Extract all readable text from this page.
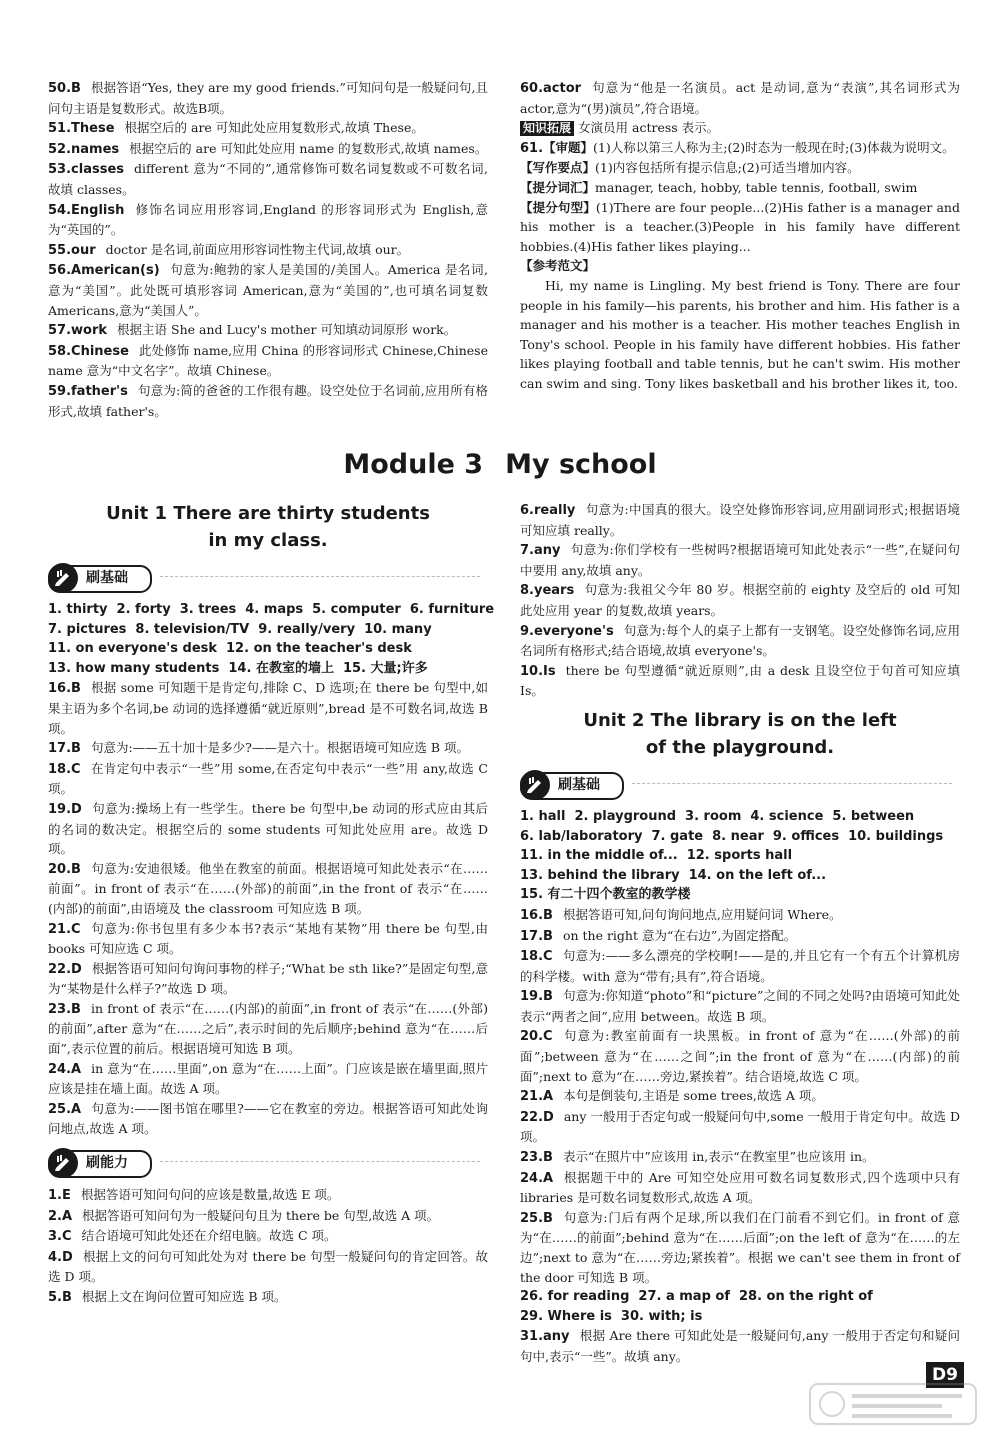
50.B 根据答语“Yes, they are my good friends.”可知问句是一般疑问句,且问句主语是复数形式。故选B项。

51.These 根据空后的 are 可知此处应用复数形式,故填 These。

52.names 根据空后的 are 可知此处应用 name 的复数形式,故填 names。

53.classes different 意为“不同的”,通常修饰可数名词复数或不可数名词,故填 classes。

54.English 修饰名词应用形容词,England 的形容词形式为 English,意为“英国的”。

55.our doctor 是名词,前面应用形容词性物主代词,故填 our。

56.American(s) 句意为:鲍勃的家人是美国的/美国人。America 是名词,意为“美国”。此处既可填形容词 American,意为“美国的”,也可填名词复数 Americans,意为“美国人”。

57.work 根据主语 She and Lucy's mother 可知填动词原形 work。

58.Chinese 此处修饰 name,应用 China 的形容词形式 Chinese,Chinese name 意为“中文名字”。故填 Chinese。

59.father's 句意为:简的爸爸的工作很有趣。设空处位于名词前,应用所有格形式,故填 father's。

60.actor 句意为“他是一名演员。act 是动词,意为“表演”,其名词形式为 actor,意为“(男)演员”,符合语境。

知识拓展 女演员用 actress 表示。

61.【审题】(1)人称以第三人称为主;(2)时态为一般现在时;(3)体裁为说明文。

【写作要点】(1)内容包括所有提示信息;(2)可适当增加内容。

【提分词汇】manager, teach, hobby, table tennis, football, swim

【提分句型】(1)There are four people...(2)His father is a manager and his mother is a teacher.(3)People in his family have different hobbies.(4)His father likes playing...

【参考范文】

Hi, my name is Lingling. My best friend is Tony. There are four people in his family—his parents, his brother and him. His father is a manager and his mother is a teacher. His mother teaches English in Tony's school. People in his family have different hobbies. His father likes playing football and table tennis, but he can't swim. His mother can swim and sing. Tony likes basketball and his brother likes it, too.

Module 3 My school

Unit 1 There are thirty students

in my class.

刷基础

1. thirty 2. forty 3. trees 4. maps 5. computer 6. furniture

7. pictures 8. television/TV 9. really/very 10. many

11. on everyone's desk 12. on the teacher's desk

13. how many students 14. 在教室的墙上 15. 大量;许多

16.B 根据 some 可知题干是肯定句,排除 C、D 选项;在 there be 句型中,如果主语为多个名词,be 动词的选择遵循“就近原则”,bread 是不可数名词,故选 B 项。

17.B 句意为:——五十加十是多少?——是六十。根据语境可知应选 B 项。

18.C 在肯定句中表示“一些”用 some,在否定句中表示“一些”用 any,故选 C 项。

19.D 句意为:操场上有一些学生。there be 句型中,be 动词的形式应由其后的名词的数决定。根据空后的 some students 可知此处应用 are。故选 D 项。

20.B 句意为:安迪很矮。他坐在教室的前面。根据语境可知此处表示“在……前面”。in front of 表示“在……(外部)的前面”,in the front of 表示“在……(内部)的前面”,由语境及 the classroom 可知应选 B 项。

21.C 句意为:你书包里有多少本书?表示“某地有某物”用 there be 句型,由 books 可知应选 C 项。

22.D 根据答语可知问句询问事物的样子;“What be sth like?”是固定句型,意为“某物是什么样子?”故选 D 项。

23.B in front of 表示“在……(内部)的前面”,in front of 表示“在……(外部)的前面”,after 意为“在……之后”,表示时间的先后顺序;behind 意为“在……后面”,表示位置的前后。根据语境可知选 B 项。

24.A in 意为“在……里面”,on 意为“在……上面”。门应该是嵌在墙里面,照片应该是挂在墙上面。故选 A 项。

25.A 句意为:——图书馆在哪里?——它在教室的旁边。根据答语可知此处询问地点,故选 A 项。

刷能力

1.E 根据答语可知问句问的应该是数量,故选 E 项。

2.A 根据答语可知问句为一般疑问句且为 there be 句型,故选 A 项。

3.C 结合语境可知此处还在介绍电脑。故选 C 项。

4.D 根据上文的问句可知此处为对 there be 句型一般疑问句的肯定回答。故选 D 项。

5.B 根据上文在询问位置可知应选 B 项。

6.really 句意为:中国真的很大。设空处修饰形容词,应用副词形式;根据语境可知应填 really。

7.any 句意为:你们学校有一些树吗?根据语境可知此处表示“一些”,在疑问句中要用 any,故填 any。

8.years 句意为:我祖父今年 80 岁。根据空前的 eighty 及空后的 old 可知此处应用 year 的复数,故填 years。

9.everyone's 句意为:每个人的桌子上都有一支钢笔。设空处修饰名词,应用名词所有格形式;结合语境,故填 everyone's。

10.Is there be 句型遵循“就近原则”,由 a desk 且设空位于句首可知应填 Is。

Unit 2 The library is on the left

of the playground.

刷基础

1. hall 2. playground 3. room 4. science 5. between

6. lab/laboratory 7. gate 8. near 9. offices 10. buildings

11. in the middle of... 12. sports hall

13. behind the library 14. on the left of...

15. 有二十四个教室的教学楼

16.B 根据答语可知,问句询问地点,应用疑问词 Where。

17.B on the right 意为“在右边”,为固定搭配。

18.C 句意为:——多么漂亮的学校啊!——是的,并且它有一个有五个计算机房的科学楼。with 意为“带有;具有”,符合语境。

19.B 句意为:你知道“photo”和“picture”之间的不同之处吗?由语境可知此处表示“两者之间”,应用 between。故选 B 项。

20.C 句意为:教室前面有一块黑板。in front of 意为“在……(外部)的前面”;between 意为“在……之间”;in the front of 意为“在……(内部)的前面”;next to 意为“在……旁边,紧挨着”。结合语境,故选 C 项。

21.A 本句是倒装句,主语是 some trees,故选 A 项。

22.D any 一般用于否定句或一般疑问句中,some 一般用于肯定句中。故选 D 项。

23.B 表示“在照片中”应该用 in,表示“在教室里”也应该用 in。

24.A 根据题干中的 Are 可知空处应用可数名词复数形式,四个选项中只有 libraries 是可数名词复数形式,故选 A 项。

25.B 句意为:门后有两个足球,所以我们在门前看不到它们。in front of 意为“在……的前面”;behind 意为“在……后面”;on the left of 意为“在……的左边”;next to 意为“在……旁边;紧挨着”。根据 we can't see them in front of the door 可知选 B 项。

26. for reading 27. a map of 28. on the right of

29. Where is 30. with; is

31.any 根据 Are there 可知此处是一般疑问句,any 一般用于否定句和疑问句中,表示“一些”。故填 any。

D9
